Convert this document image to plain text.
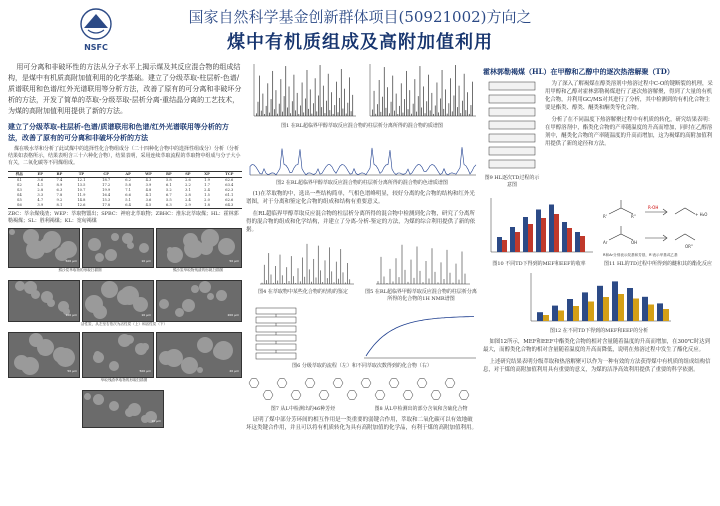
NSFC
国家自然科学基金创新群体项目(50921002)方向之
煤中有机质组成及高附加值利用

用可分离和非破坏性的方法从分子水平上揭示煤及其反应混合物的组成结构，是煤中有机质高附加值利用的化学基础。建立了分级萃取-柱层析-色谱/质谱联用和色谱/红外光谱联用等分析方法，改善了原有的可分离和非破坏分析的方法，开发了简单的萃取-分级萃取-层析分离-重结晶分离的工艺技术，为煤的高附加值利用提供了新的方法。

建立了分级萃取-柱层析-色谱/质谱联用和色谱/红外光谱联用等分析的方法，改善了原有的可分离和非破坏分析的方法

煤在吸水萃和分析了此试煤中的选择性化合物组成分（二十四种化合物中的选择性组成分）分析（分析结果如表格所示，结果表明含三十六种化合物），结果表明，采用连续萃取流程的萃取物中组成与分子大小有关，二氧化碳等不同煤组成。

样品	EP	BP	TP	CP	AP	WP	RP	SP	XP	TCP
S1	3.6	7.4	12.1	18.7	6.2	4.3	5.8	2.6	1.9	62.6
S2	4.1	8.9	13.5	17.2	5.8	3.9	6.1	2.2	1.7	63.4
S3	2.8	6.3	10.7	19.9	7.1	4.8	5.2	3.1	2.4	62.3
S4	3.3	7.8	11.9	16.4	6.6	4.1	6.7	2.8	1.5	61.1
S5	4.7	9.2	14.8	15.3	5.1	3.6	5.5	2.4	2.0	62.6
S6	3.9	8.1	12.6	17.8	6.4	4.5	6.3	2.9	1.8	64.3
ZBC：萃余煤残渣；WEP：萃取物馏出；SPBC：神府北萃取物；ZBHC：淮东北萃取煤；HL：霍林郭勒褐煤；SL：胜利褐煤；KL：宽甸褐煤
500 μm	10 μm	50 μm
100 μm	10 μm	200 μm
50 μm	500 μm	20 μm
10 μm
熊沙炭萃取物的形貌扫描图	熊沙炭萃取物残渣的形貌扫描图
活性炭，从左至右依次为活性炭（上）和活性炭（下）
萃取残渣萃取物的形貌扫描图
图1 在RL超临界甲醇萃取反应混合物的柱层析分离所得的混合物的质谱图
图2 在RL超临界甲醇萃取反应混合物的柱层析分离所得的混合物的色谱质谱图

(1)在萃取物的中，选出一些结构简单，气相色谱峰明显，较好分离的化合物的结构和红外光谱图，对于分离和鉴定化合物的组成和结构有重要意义。

在RL超临界甲醇萃取反应混合物的柱层析分离所得的混合物中检测到化合物，研究了分离所得的混合物的组成和化学结构，并建立了分离-分析-鉴定的方法，为煤的综合利用提供了新的依据。

图4 在萃取物中某些化合物的结构的鉴定	图5 在RL超临界甲醇萃取反应混合物的柱层析分离所得的化合物的1H NMR谱图
图6 分级萃取的流程（左）和不同萃取次数得到的化合物（右）
图7 从L中检测出的46种芳烃	图8 从L中检测出的部分含氧和含硫化合物

证明了煤中部分芳环间的相互作用是一类重要的弱键合作用，萃取和二氧化碳可以有效地破坏这类键合作用，并且可以将有机质转化为具有高附加值的化学品，有利于煤的高附加值利用。

霍林郭勒褐煤（HL）在甲醇和乙醇中的逐次热溶解聚（TD）
图9 HL逐次TD过程的示意图

为了深入了解褐煤在醇类溶剂中热溶过程中C-O的键断裂的机理，采用甲醇和乙醇对霍林郭勒褐煤进行了逐次热溶解聚，得到了大量的有机化合物，并利用GC/MS对其进行了分析，其中检测到的有机化合物主要是酯类、醇类、醚类和酮类等化合物。

分析了在不同温度下热溶解聚过程中有机质的转化，研究结果表明：在甲醇溶剂中，酯类化合物的产率随温度的升高而增加，同时在乙醇溶剂中，醚类化合物的产率随温度的升高而增加，这为褐煤的高附加值利用提供了新的途径和方法。

R-OH
+ H₂O
R'	R''
Ar	OH
OR''
R和Ar分别表示烷基和芳基，R'表示甲基或乙基
图10 不同TD下得到的MEF和EEF的收率	图11 HL的TD过程中所得到的醚和其的酯化反应
图12 在不同TD下得到的MEF和EEF的分析

如图12所示，MEF和EEF中酯类化合物的相对含量随着温度的升高而增加，在300℃时达到最大，而醇类化合物的相对含量随着温度的升高而降低，说明在热溶过程中发生了酯化反应。

上述研究结果表明分级萃取和热溶解聚可以作为一种有效的方法获得煤中有机质的组成结构信息，对于煤的高附加值利用具有重要的意义，为煤的洁净高效利用提供了重要的科学依据。
